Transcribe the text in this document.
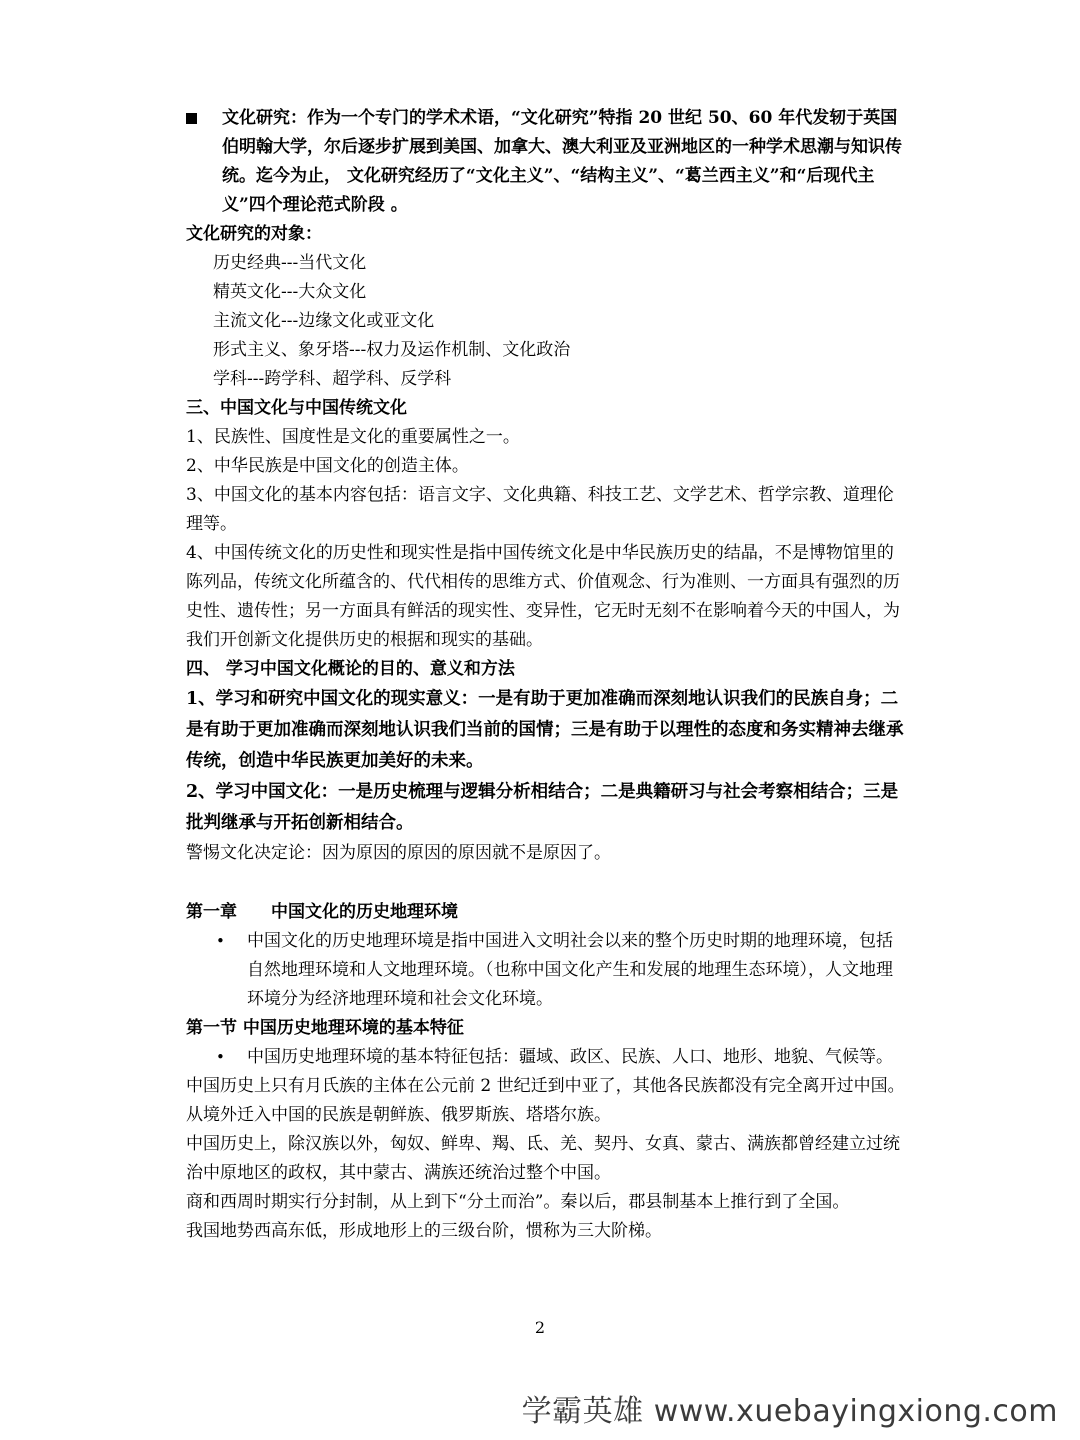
文化研究：作为一个专门的学术术语，“文化研究”特指 20 世纪 50、60 年代发轫于英国伯明翰大学，尔后逐步扩展到美国、加拿大、澳大利亚及亚洲地区的一种学术思潮与知识传统。迄今为止， 文化研究经历了“文化主义”、“结构主义”、“葛兰西主义”和“后现代主义”四个理论范式阶段 。

文化研究的对象：

历史经典---当代文化

精英文化---大众文化

主流文化---边缘文化或亚文化

形式主义、象牙塔---权力及运作机制、文化政治

学科---跨学科、超学科、反学科

三、中国文化与中国传统文化

1、民族性、国度性是文化的重要属性之一。

2、中华民族是中国文化的创造主体。

3、中国文化的基本内容包括：语言文字、文化典籍、科技工艺、文学艺术、哲学宗教、道理伦理等。

4、中国传统文化的历史性和现实性是指中国传统文化是中华民族历史的结晶，不是博物馆里的陈列品，传统文化所蕴含的、代代相传的思维方式、价值观念、行为准则、一方面具有强烈的历史性、遗传性；另一方面具有鲜活的现实性、变异性，它无时无刻不在影响着今天的中国人，为我们开创新文化提供历史的根据和现实的基础。

四、 学习中国文化概论的目的、意义和方法

1、学习和研究中国文化的现实意义：一是有助于更加准确而深刻地认识我们的民族自身；二是有助于更加准确而深刻地认识我们当前的国情；三是有助于以理性的态度和务实精神去继承传统，创造中华民族更加美好的未来。

2、学习中国文化：一是历史梳理与逻辑分析相结合；二是典籍研习与社会考察相结合；三是批判继承与开拓创新相结合。

警惕文化决定论：因为原因的原因的原因就不是原因了。

第一章　　中国文化的历史地理环境

• 中国文化的历史地理环境是指中国进入文明社会以来的整个历史时期的地理环境，包括自然地理环境和人文地理环境。（也称中国文化产生和发展的地理生态环境），人文地理环境分为经济地理环境和社会文化环境。

第一节 中国历史地理环境的基本特征

• 中国历史地理环境的基本特征包括：疆域、政区、民族、人口、地形、地貌、气候等。

中国历史上只有月氏族的主体在公元前 2 世纪迁到中亚了，其他各民族都没有完全离开过中国。从境外迁入中国的民族是朝鲜族、俄罗斯族、塔塔尔族。

中国历史上，除汉族以外，匈奴、鲜卑、羯、氐、羌、契丹、女真、蒙古、满族都曾经建立过统治中原地区的政权，其中蒙古、满族还统治过整个中国。

商和西周时期实行分封制，从上到下“分土而治”。秦以后，郡县制基本上推行到了全国。

我国地势西高东低，形成地形上的三级台阶，惯称为三大阶梯。

2
学霸英雄 www.xuebayingxiong.com
